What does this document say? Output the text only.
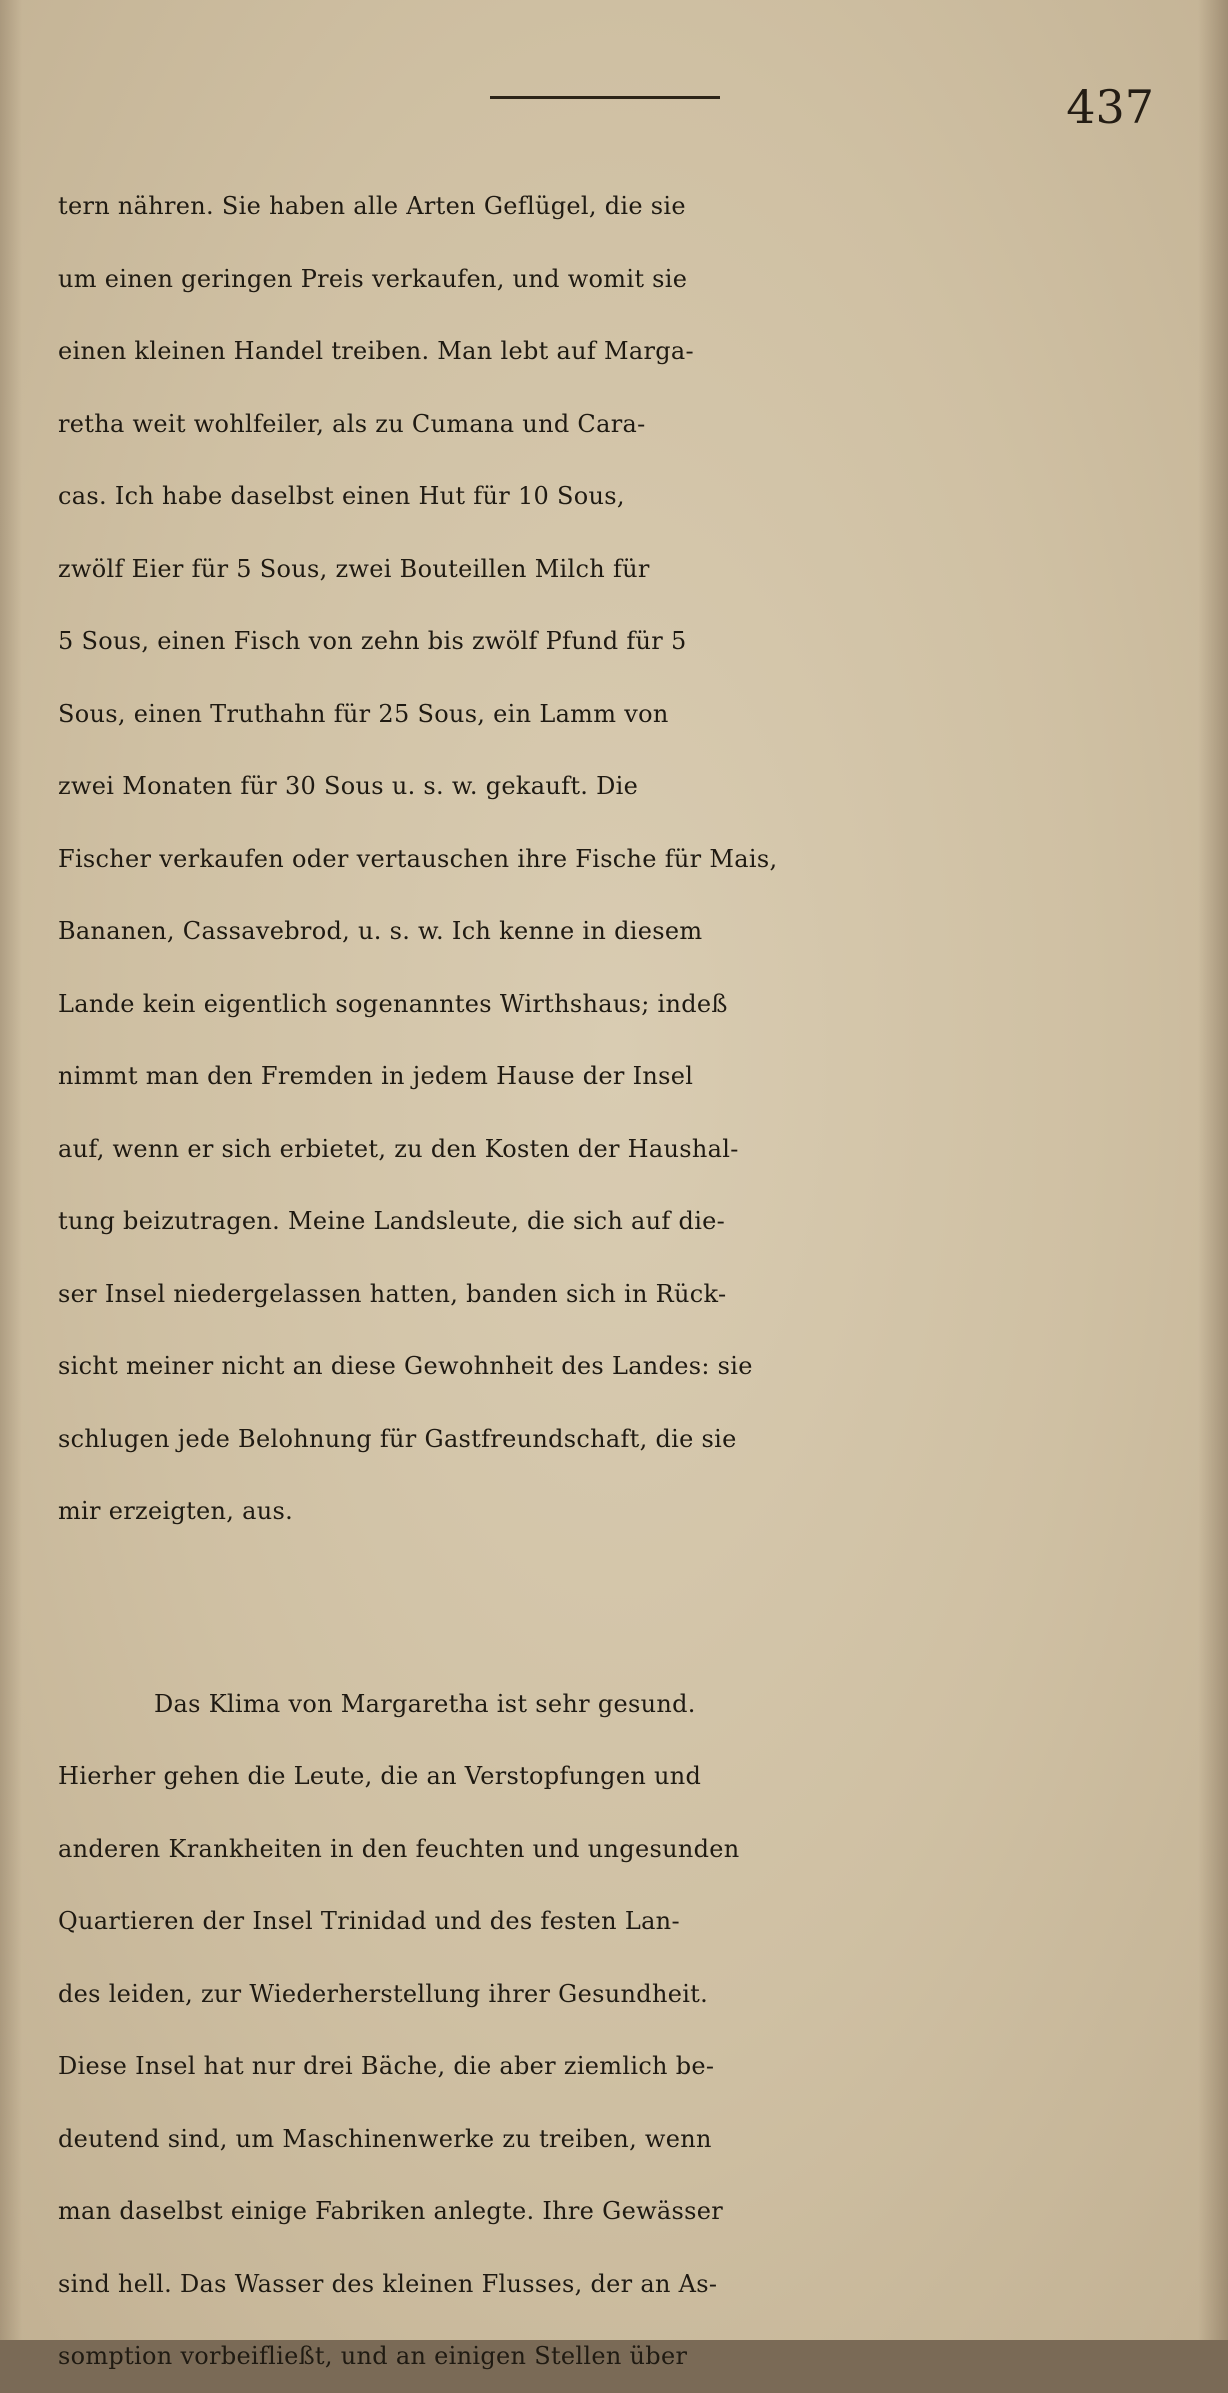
437
tern nähren. Sie haben alle Arten Geflügel, die sie
um einen geringen Preis verkaufen, und womit sie
einen kleinen Handel treiben. Man lebt auf Marga-
retha weit wohlfeiler, als zu Cumana und Cara-
cas. Ich habe daselbst einen Hut für 10 Sous,
zwölf Eier für 5 Sous, zwei Bouteillen Milch für
5 Sous, einen Fisch von zehn bis zwölf Pfund für 5
Sous, einen Truthahn für 25 Sous, ein Lamm von
zwei Monaten für 30 Sous u. s. w. gekauft. Die
Fischer verkaufen oder vertauschen ihre Fische für Mais,
Bananen, Cassavebrod, u. s. w. Ich kenne in diesem
Lande kein eigentlich sogenanntes Wirthshaus; indeß
nimmt man den Fremden in jedem Hause der Insel
auf, wenn er sich erbietet, zu den Kosten der Haushal-
tung beizutragen. Meine Landsleute, die sich auf die-
ser Insel niedergelassen hatten, banden sich in Rück-
sicht meiner nicht an diese Gewohnheit des Landes: sie
schlugen jede Belohnung für Gastfreundschaft, die sie
mir erzeigten, aus.
Das Klima von Margaretha ist sehr gesund.
Hierher gehen die Leute, die an Verstopfungen und
anderen Krankheiten in den feuchten und ungesunden
Quartieren der Insel Trinidad und des festen Lan-
des leiden, zur Wiederherstellung ihrer Gesundheit.
Diese Insel hat nur drei Bäche, die aber ziemlich be-
deutend sind, um Maschinenwerke zu treiben, wenn
man daselbst einige Fabriken anlegte. Ihre Gewässer
sind hell. Das Wasser des kleinen Flusses, der an As-
somption vorbeifließt, und an einigen Stellen über
